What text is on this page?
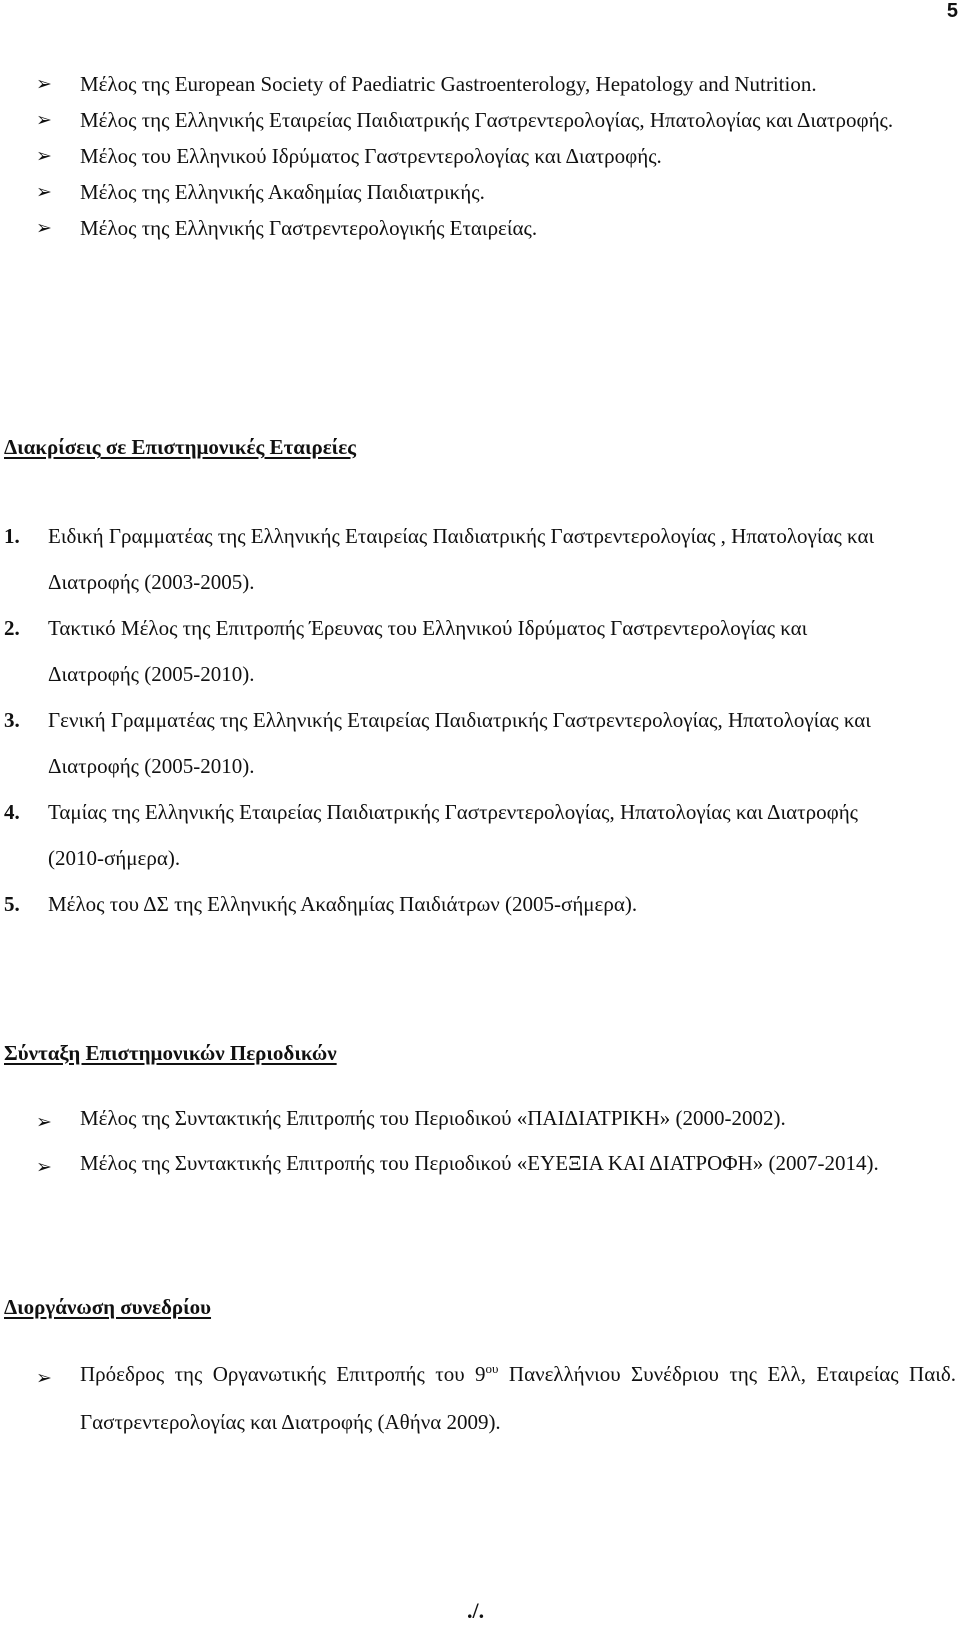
5
➢ Μέλος της European Society of Paediatric Gastroenterology, Hepatology and Nutrition.
➢ Μέλος της Ελληνικής Εταιρείας Παιδιατρικής Γαστρεντερολογίας, Ηπατολογίας και Διατροφής.
➢ Μέλος του Ελληνικού Ιδρύματος Γαστρεντερολογίας και Διατροφής.
➢ Μέλος της Ελληνικής Ακαδημίας Παιδιατρικής.
➢ Μέλος της Ελληνικής Γαστρεντερολογικής Εταιρείας.
Διακρίσεις σε Επιστημονικές Εταιρείες
1. Ειδική Γραμματέας της Ελληνικής Εταιρείας Παιδιατρικής Γαστρεντερολογίας , Ηπατολογίας και Διατροφής (2003-2005).
2. Τακτικό Μέλος της Επιτροπής Έρευνας του Ελληνικού Ιδρύματος Γαστρεντερολογίας και Διατροφής (2005-2010).
3. Γενική Γραμματέας της Ελληνικής Εταιρείας Παιδιατρικής Γαστρεντερολογίας, Ηπατολογίας και Διατροφής (2005-2010).
4. Ταμίας της Ελληνικής Εταιρείας Παιδιατρικής Γαστρεντερολογίας, Ηπατολογίας και Διατροφής (2010-σήμερα).
5. Μέλος του ΔΣ της Ελληνικής Ακαδημίας Παιδιάτρων (2005-σήμερα).
Σύνταξη Επιστημονικών Περιοδικών
➢ Μέλος της Συντακτικής Επιτροπής του Περιοδικού «ΠΑΙΔΙΑΤΡΙΚΗ» (2000-2002).
➢ Μέλος της Συντακτικής Επιτροπής του Περιοδικού «ΕΥΕΞΙΑ ΚΑΙ ΔΙΑΤΡΟΦΗ» (2007-2014).
Διοργάνωση συνεδρίου
➢ Πρόεδρος της Οργανωτικής Επιτροπής του $9^{o\upsilon}$ Πανελλήνιου Συνέδριου της Ελλ, Εταιρείας Παιδ. Γαστρεντερολογίας και Διατροφής (Αθήνα 2009).
./.
